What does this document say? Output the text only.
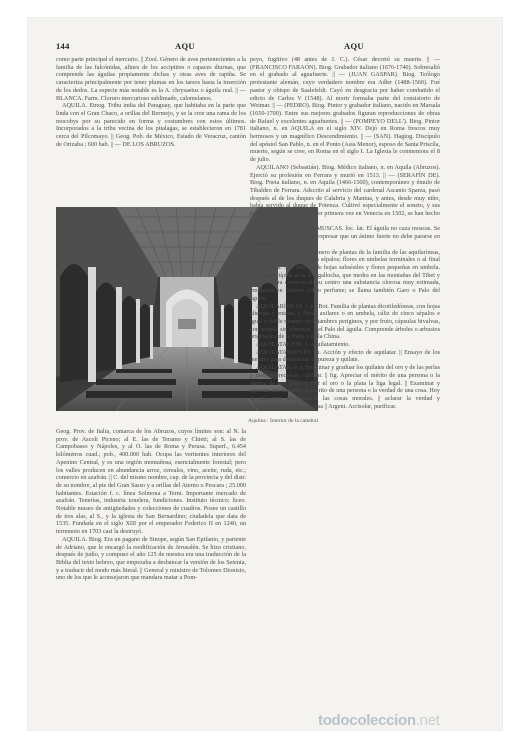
144	AQU	AQU

como parte principal el mercurio. || Zool. Género de aves pertenecientes a la familia de las falcónidas, afines de los accipitres o rapaces diurnas, que comprende las águilas propiamente dichas y otras aves de rapiña. Se caracteriza principalmente por tener plumas en los tarsos hasta la inserción de los dedos. La especie más notable es la A. chrysaetus o águila real. || — BLANCA. Farm. Cloruro mercurioso sublimado, calomelanos.

AQUILA. Etnog. Tribu india del Paraguay, que habitaba en la parte que linda con el Gran Chaco, a orillas del Bermejo, y se la cree una rama de los mocobys por su parecido en forma y costumbres con estos últimos. Incorporados a la tribu vecina de los pitalagas, se establecieron en 1781 cerca del Pilcomayo. || Geog. Pob. de México, Estado de Veracruz, cantón de Orizaba ; 600 hab. || — DE LOS ABRUZOS.

Aquilea : Interior de la catedral

Geog. Prov. de Italia, comarca de los Abruzos, cuyos límites son: al N. la prov. de Ascoli Piceno; al E. las de Teramo y Chieti; al S. las de Campobasso y Nápoles, y al O. las de Roma y Perusa. Superf., 6.454 kilómetros cuad.; pob., 400.000 hab. Ocupa las vertientes interiores del Apenino Central, y es una región montañosa, esencialmente forestal; pero los valles producen en abundancia arroz, cereales, vino, aceite, ruda, etc.; comercio en azafrán. || C. del mismo nombre, cap. de la provincia y del distr. de su nombre, al pie del Gran Sasso y a orillas del Aterno o Pescara ; 25.000 habitantes. Estación f. c. línea Solmona a Terni. Importante mercado de azafrán. Tenerías, industria tonelera, fundiciones. Instituto técnico; liceo. Notable museo de antigüedades y colecciones de cuadros. Posee un castillo de tres alas, al S., y la iglesia de San Bernardino; ciudadela que data de 1535. Fundada en el siglo XIII por el emperador Federico II en 1240, un terremoto en 1703 casi la destruyó.

AQUILA. Biog. Era un pagano de Sinope, según San Epifanio, y pariente de Adriano, que le encargó la reedificación de Jerusalén. Se hizo cristiano, después de judío, y compuso el año 125 de nuestra era una traducción de la Biblia del texto hebreo, que empezaba a desbancar la versión de los Setenta, y a traducir del modo más literal. || General y ministro de Tolomeo Dionisio, uno de los que le aconsejaron que mandara matar a Pom-

peyo, fugitivo (48 antes de J. C.). César decretó su muerte. || — (FRANCISCO FARAÓN). Biog. Grabador italiano (1676-1740). Sobresalió en el grabado al aguafuerte. || — (JUAN GASPAR). Biog. Teólogo protestante alemán, cuyo verdadero nombre era Adler (1488-1560). Fué pastor y obispo de Saalefeldt. Cayó en desgracia por haber combatido el edicto de Carlos V (1548). Al morir formaba parte del consistorio de Weimar. || — (PEDRO). Biog. Pintor y grabador italiano, nacido en Marsala (1650-1700). Entre sus mejores grabados figuran reproducciones de obras de Rafael y excelentes aguafuertes. || — (POMPEYO DELL'). Biog. Pintor italiano, n. en AQUILA en el siglo XIV. Dejó en Roma frescos muy hermosos y un magnífico Descendimiento. || — (SAN). Hagiog. Discípulo del apóstol San Pablo, n. en el Ponto (Asia Menor), esposo de Santa Priscila, muerto, según se cree, en Roma en el siglo I. La Iglesia le conmemora el 8 de julio.

AQUILANO (Sebastián). Biog. Médico italiano, n. en Aquila (Abruzos). Ejerció su profesión en Ferrara y murió en 1513. || — (SERAFÍN DE). Biog. Poeta italiano, n. en Aquila (1466-1500), contemporáneo y émulo de Tibaldeo de Ferrara. Adscrito al servicio del cardenal Ascanio Sparza, pasó después al de los duques de Calabria y Mantua, y antes, desde muy niño, había servido al duque de Potenza. Cultivó especialmente el soneto, y sus producciones, publicadas por primera vez en Venecia en 1502, se han hecho hoy varias ediciones.

AQUILA NON CAPIT MUSCAS. loc. lat. El águila no caza moscas. Se emplea esta locución para expresar que un ánimo fuerte no debe pararse en nimiedades.

AQUILARIA. f. Bot. Género de plantas de la familia de las aquilaríneas, de cáliz coriáceo con cinco sépalos; flores en umbelas terminales o al final del calicinal. Son árboles de hojas subsésiles y flores pequeñas en umbela. La especie típica es la A. agallocha, que medra en las montañas del Tibet y cuya madera contiene en su centro una substancia olorosa muy estimada, empleada en Oriente como perfume; se llama también Garo o Palo del águila.

AQUILARÍNEAS. f. pl. Bot. Familia de plantas dicotiledóneas, con hojas alternas y enteras y flores axilares o en umbela, cáliz de cinco sépalos e igual o doble número de estambres periginos, y por fruto, cápsulas bivalvas, con semilla sin albumen, y el Palo del águila. Comprende árboles o arbustos originarios de la India y de la China.

AQUILATACIÓN. f. Aquilatamiento.

AQUILATAMIENTO. m. Acción y efecto de aquilatar. || Ensayo de los metales para determinar su pureza y quilate.

AQUILATAR. v. a. Examinar y graduar los quilates del oro y de las perlas y piedras preciosas; calibrar. || fig. Apreciar el mérito de una persona o la pureza de una cosa. || Dar el oro o la plata la liga legal. || Examinar y apreciar debidamente el mérito de una persona o la verdad de una cosa. Hoy se usa con referencia a las cosas morales. || aclarar la verdad y circunstancias de alguna cosa || Argent. Acrisolar, purificar.

todocoleccion.net
